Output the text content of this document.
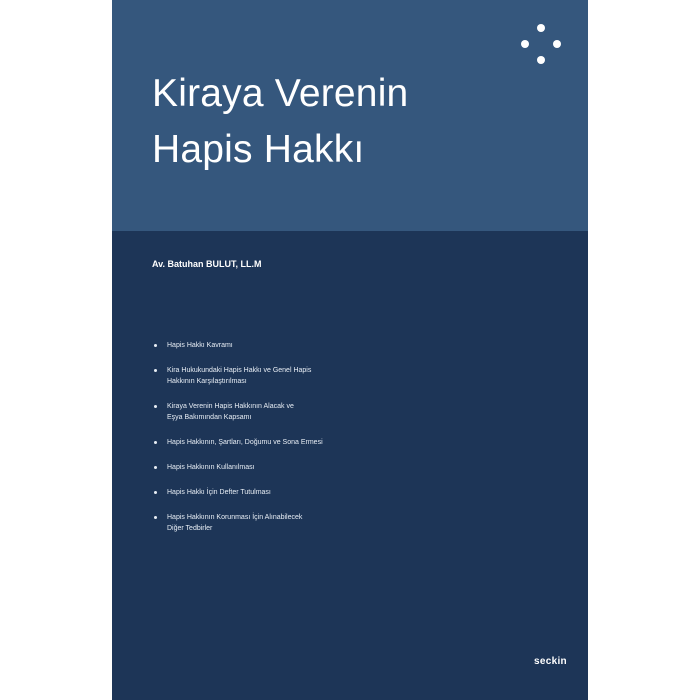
Kiraya Verenin
Hapis Hakkı

Av. Batuhan BULUT, LL.M

Hapis Hakkı Kavramı
Kira Hukukundaki Hapis Hakkı ve Genel Hapis
Hakkının Karşılaştırılması
Kiraya Verenin Hapis Hakkının Alacak ve
Eşya Bakımından Kapsamı
Hapis Hakkının, Şartları, Doğumu ve Sona Ermesi
Hapis Hakkının Kullanılması
Hapis Hakkı İçin Defter Tutulması
Hapis Hakkının Korunması İçin Alınabilecek
Diğer Tedbirler
seckin
